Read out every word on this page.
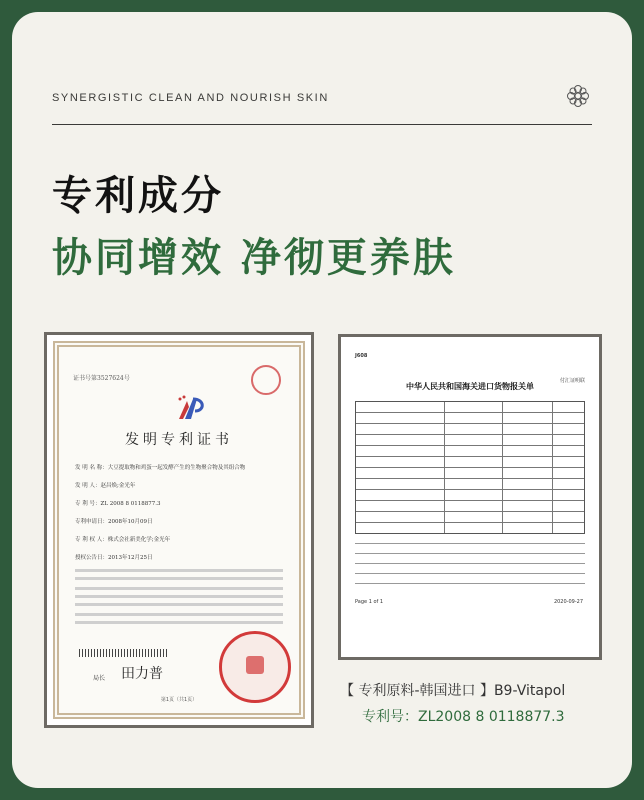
SYNERGISTIC CLEAN AND NOURISH SKIN
专利成分
协同增效 净彻更养肤
证书号第3527624号
发明专利证书
发 明 名 称：大豆提取物和鸡蛋一起发酵产生的生物聚合物及其组合物
发 明 人：赵昌焕;金光年
专 利 号：ZL 2008 8 0118877.3
专利申请日：2008年10月09日
专 利 权 人：株式会社新美化学;金光年
授权公告日：2013年12月25日
局长 田力普
第1页（共1页）
J608
付汇证明联
中华人民共和国海关进口货物报关单
Page 1 of 1	2020-09-27
【 专利原料-韩国进口 】B9-Vitapol
专利号：ZL2008 8 0118877.3
